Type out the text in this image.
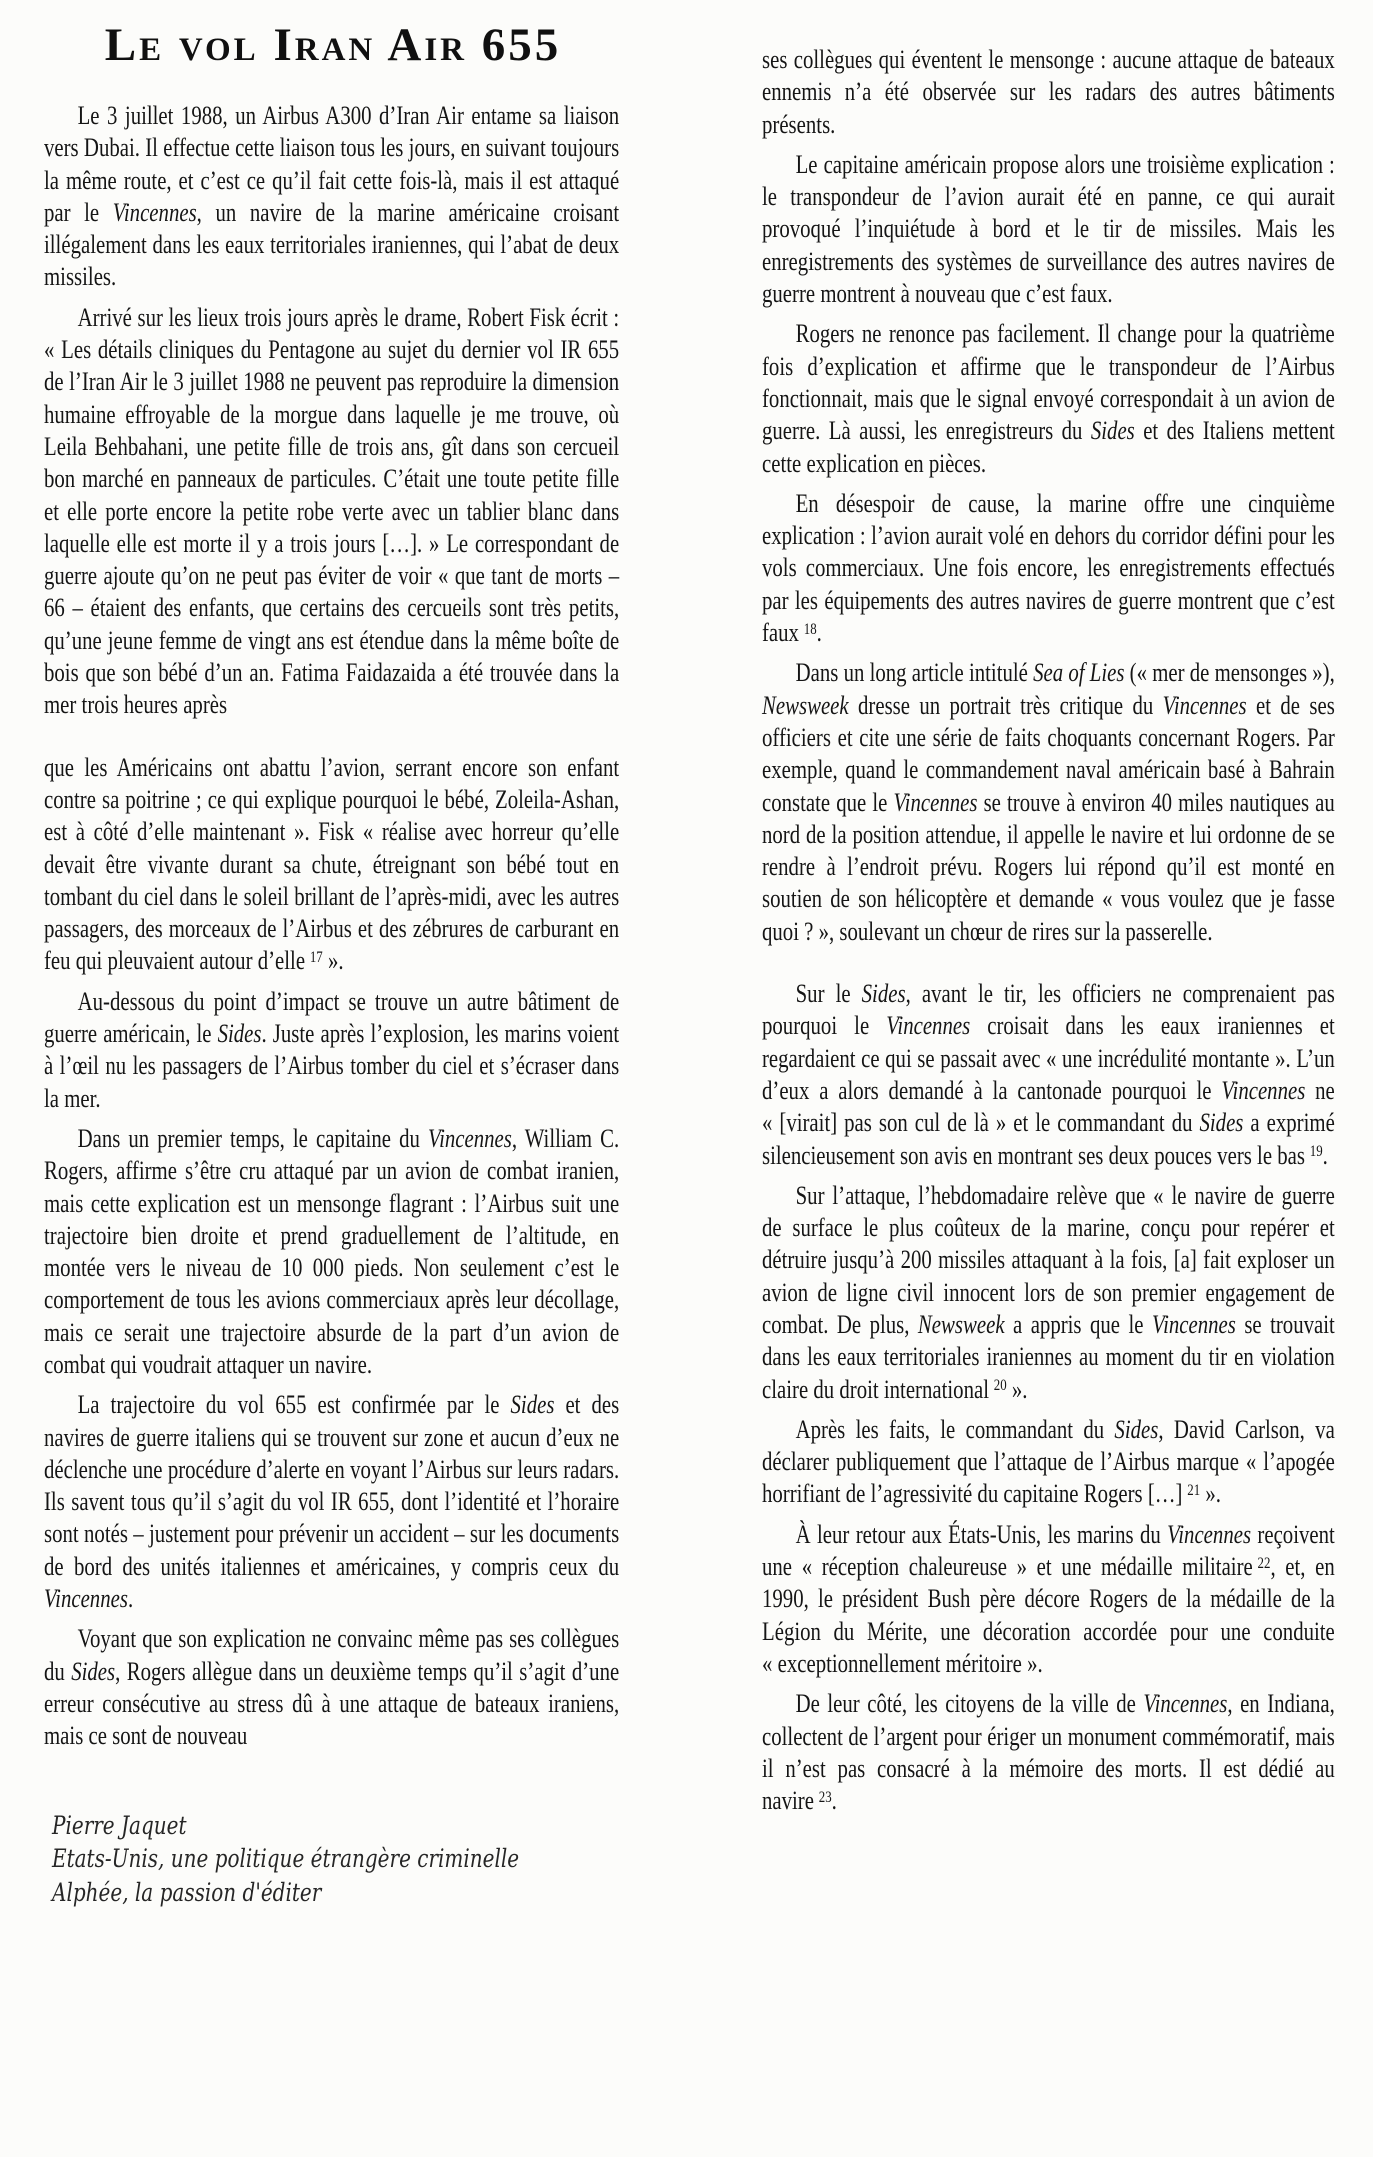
Le vol Iran Air 655

Le 3 juillet 1988, un Airbus A300 d’Iran Air entame sa liaison vers Dubai. Il effectue cette liaison tous les jours, en suivant toujours la même route, et c’est ce qu’il fait cette fois-là, mais il est attaqué par le Vincennes, un navire de la marine américaine croisant illégalement dans les eaux territoriales iraniennes, qui l’abat de deux missiles.

Arrivé sur les lieux trois jours après le drame, Robert Fisk écrit : « Les détails cliniques du Pentagone au sujet du dernier vol IR 655 de l’Iran Air le 3 juillet 1988 ne peuvent pas reproduire la dimension humaine effroyable de la morgue dans laquelle je me trouve, où Leila Behbahani, une petite fille de trois ans, gît dans son cercueil bon marché en panneaux de particules. C’était une toute petite fille et elle porte encore la petite robe verte avec un tablier blanc dans laquelle elle est morte il y a trois jours […]. » Le correspondant de guerre ajoute qu’on ne peut pas éviter de voir « que tant de morts – 66 – étaient des enfants, que certains des cercueils sont très petits, qu’une jeune femme de vingt ans est étendue dans la même boîte de bois que son bébé d’un an. Fatima Faidazaida a été trouvée dans la mer trois heures après

que les Américains ont abattu l’avion, serrant encore son enfant contre sa poitrine ; ce qui explique pourquoi le bébé, Zoleila-Ashan, est à côté d’elle maintenant ». Fisk « réalise avec horreur qu’elle devait être vivante durant sa chute, étreignant son bébé tout en tombant du ciel dans le soleil brillant de l’après-midi, avec les autres passagers, des morceaux de l’Airbus et des zébrures de carburant en feu qui pleuvaient autour d’elle $^{17}$ ».

Au-dessous du point d’impact se trouve un autre bâtiment de guerre américain, le Sides. Juste après l’explosion, les marins voient à l’œil nu les passagers de l’Airbus tomber du ciel et s’écraser dans la mer.

Dans un premier temps, le capitaine du Vincennes, William C. Rogers, affirme s’être cru attaqué par un avion de combat iranien, mais cette explication est un mensonge flagrant : l’Airbus suit une trajectoire bien droite et prend graduellement de l’altitude, en montée vers le niveau de 10 000 pieds. Non seulement c’est le comportement de tous les avions commerciaux après leur décollage, mais ce serait une trajectoire absurde de la part d’un avion de combat qui voudrait attaquer un navire.

La trajectoire du vol 655 est confirmée par le Sides et des navires de guerre italiens qui se trouvent sur zone et aucun d’eux ne déclenche une procédure d’alerte en voyant l’Airbus sur leurs radars. Ils savent tous qu’il s’agit du vol IR 655, dont l’identité et l’horaire sont notés – justement pour prévenir un accident – sur les documents de bord des unités italiennes et américaines, y compris ceux du Vincennes.

Voyant que son explication ne convainc même pas ses collègues du Sides, Rogers allègue dans un deuxième temps qu’il s’agit d’une erreur consécutive au stress dû à une attaque de bateaux iraniens, mais ce sont de nouveau

Pierre Jaquet
Etats-Unis, une politique étrangère criminelle
Alphée, la passion d'éditer

ses collègues qui éventent le mensonge : aucune attaque de bateaux ennemis n’a été observée sur les radars des autres bâtiments présents.

Le capitaine américain propose alors une troisième explication : le transpondeur de l’avion aurait été en panne, ce qui aurait provoqué l’inquiétude à bord et le tir de missiles. Mais les enregistrements des systèmes de surveillance des autres navires de guerre montrent à nouveau que c’est faux.

Rogers ne renonce pas facilement. Il change pour la quatrième fois d’explication et affirme que le transpondeur de l’Airbus fonctionnait, mais que le signal envoyé correspondait à un avion de guerre. Là aussi, les enregistreurs du Sides et des Italiens mettent cette explication en pièces.

En désespoir de cause, la marine offre une cinquième explication : l’avion aurait volé en dehors du corridor défini pour les vols commerciaux. Une fois encore, les enregistrements effectués par les équipements des autres navires de guerre montrent que c’est faux $^{18}$.

Dans un long article intitulé Sea of Lies (« mer de mensonges »), Newsweek dresse un portrait très critique du Vincennes et de ses officiers et cite une série de faits choquants concernant Rogers. Par exemple, quand le commandement naval américain basé à Bahrain constate que le Vincennes se trouve à environ 40 miles nautiques au nord de la position attendue, il appelle le navire et lui ordonne de se rendre à l’endroit prévu. Rogers lui répond qu’il est monté en soutien de son hélicoptère et demande « vous voulez que je fasse quoi ? », soulevant un chœur de rires sur la passerelle.

Sur le Sides, avant le tir, les officiers ne comprenaient pas pourquoi le Vincennes croisait dans les eaux iraniennes et regardaient ce qui se passait avec « une incrédulité montante ». L’un d’eux a alors demandé à la cantonade pourquoi le Vincennes ne « [virait] pas son cul de là » et le commandant du Sides a exprimé silencieusement son avis en montrant ses deux pouces vers le bas $^{19}$.

Sur l’attaque, l’hebdomadaire relève que « le navire de guerre de surface le plus coûteux de la marine, conçu pour repérer et détruire jusqu’à 200 missiles attaquant à la fois, [a] fait exploser un avion de ligne civil innocent lors de son premier engagement de combat. De plus, Newsweek a appris que le Vincennes se trouvait dans les eaux territoriales iraniennes au moment du tir en violation claire du droit international $^{20}$ ».

Après les faits, le commandant du Sides, David Carlson, va déclarer publiquement que l’attaque de l’Airbus marque « l’apogée horrifiant de l’agressivité du capitaine Rogers […] $^{21}$ ».

À leur retour aux États-Unis, les marins du Vincennes reçoivent une « réception chaleureuse » et une médaille militaire $^{22}$, et, en 1990, le président Bush père décore Rogers de la médaille de la Légion du Mérite, une décoration accordée pour une conduite « exceptionnellement méritoire ».

De leur côté, les citoyens de la ville de Vincennes, en Indiana, collectent de l’argent pour ériger un monument commémoratif, mais il n’est pas consacré à la mémoire des morts. Il est dédié au navire $^{23}$.
